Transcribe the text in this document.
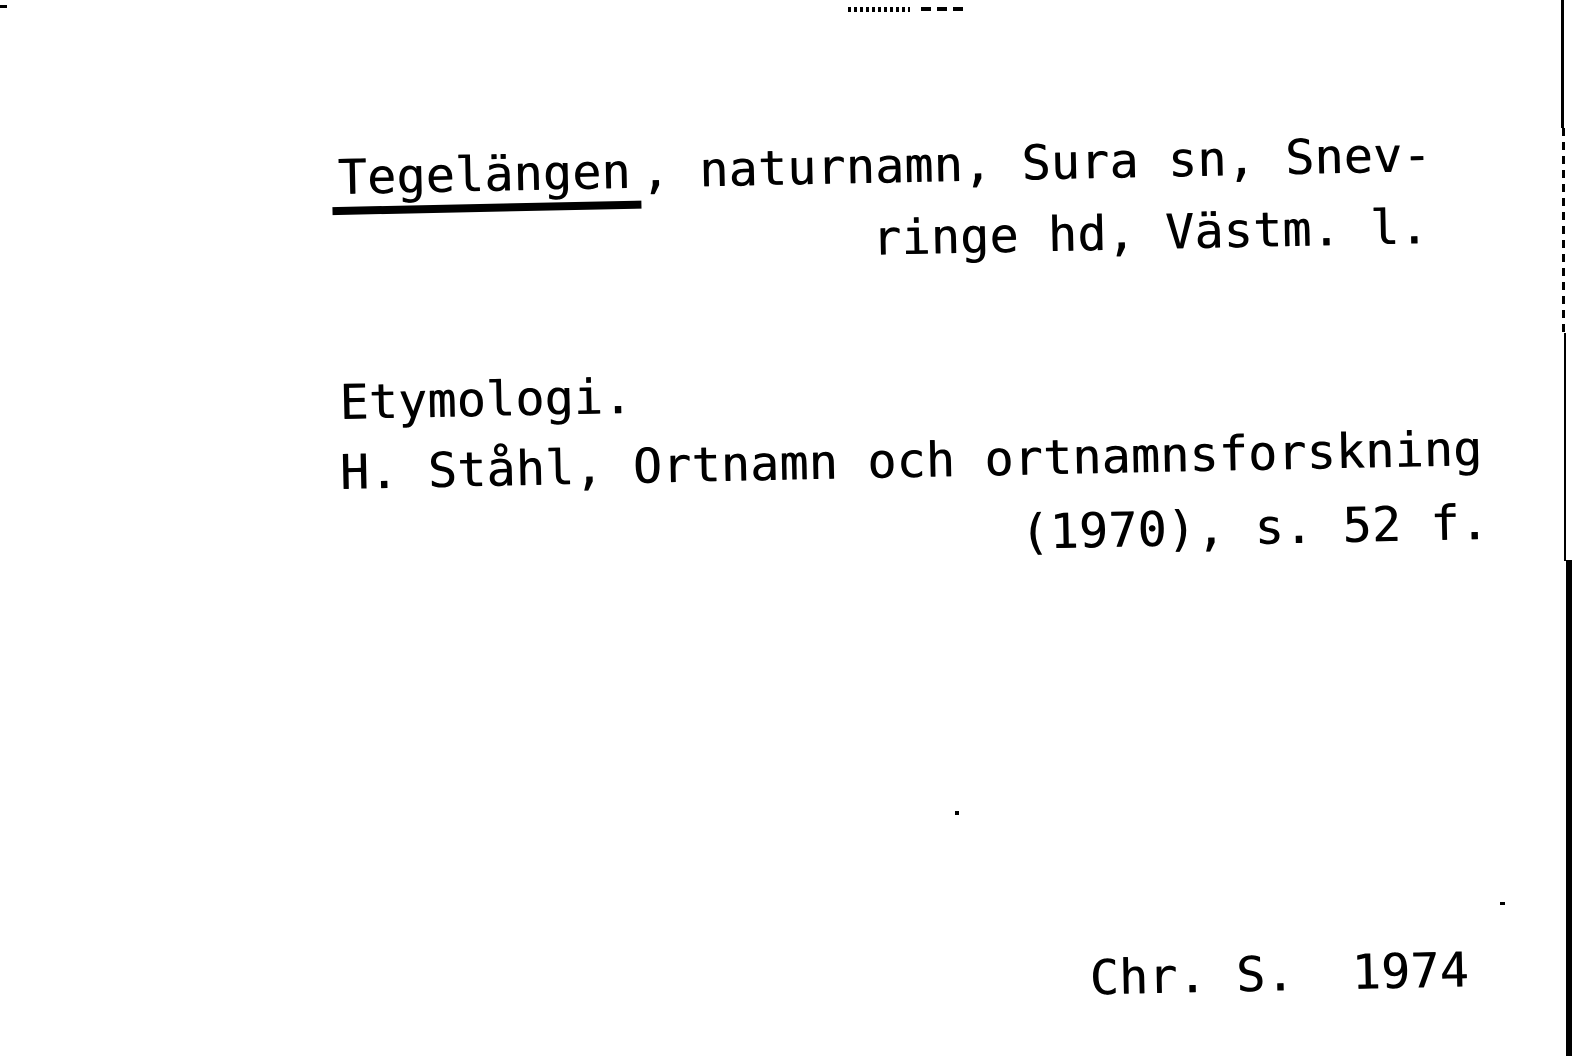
Tegelängen , naturnamn, Sura sn, Snev-
ringe hd, Västm. l.
Etymologi.
H. Ståhl, Ortnamn och ortnamnsforskning
(1970), s. 52 f.
Chr. S. 1974
